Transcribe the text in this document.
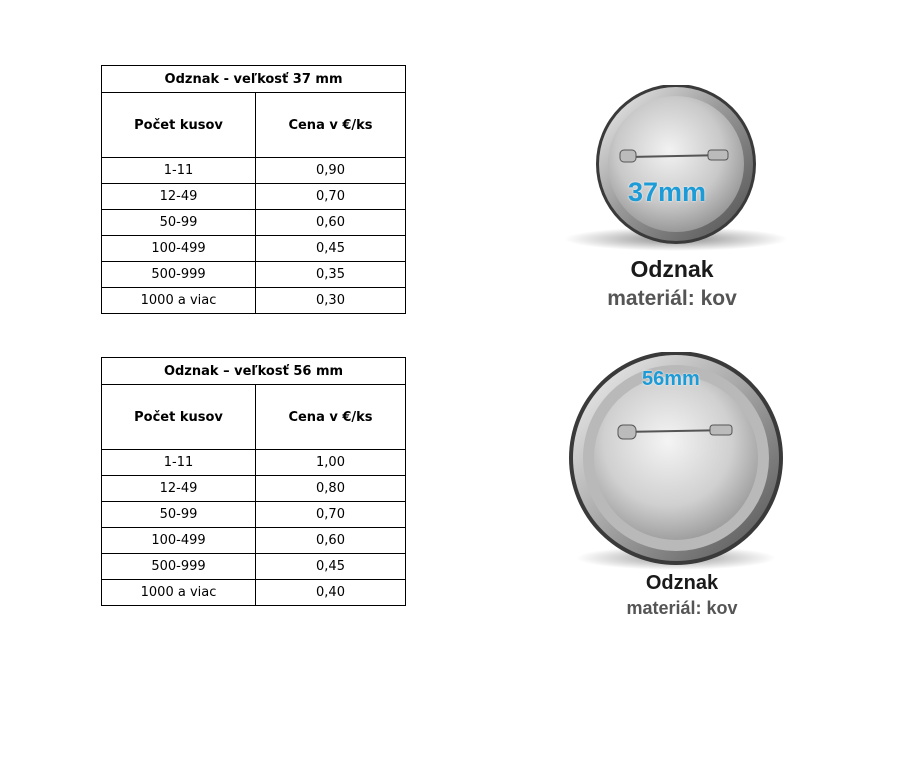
Odznak - veľkosť 37 mm	
Počet kusov	Cena v €/ks
1-11	0,90
12-49	0,70
50-99	0,60
100-499	0,45
500-999	0,35
1000 a viac	0,30
Odznak – veľkosť 56 mm	
Počet kusov	Cena v €/ks
1-11	1,00
12-49	0,80
50-99	0,70
100-499	0,60
500-999	0,45
1000 a viac	0,40
37mm
Odznak
materiál: kov
56mm
Odznak
materiál: kov
